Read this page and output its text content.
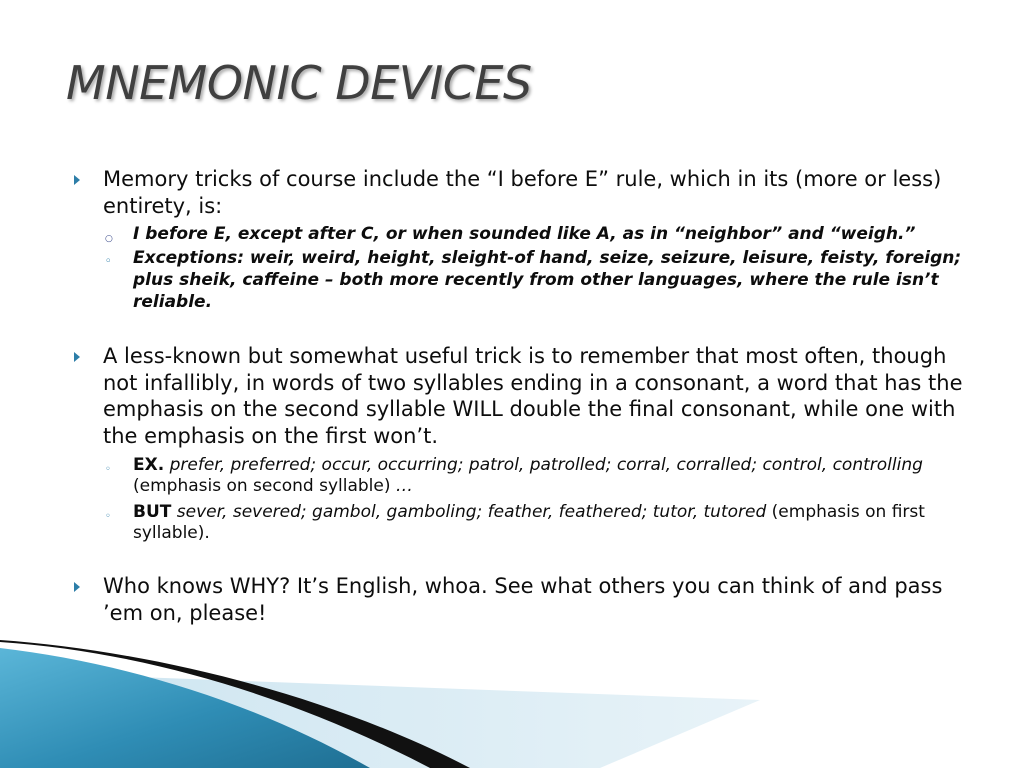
MNEMONIC DEVICES
Memory tricks of course include the “I before E” rule, which in its (more or less) entirety, is:
○ I before E, except after C, or when sounded like A, as in “neighbor” and “weigh.”
◦ Exceptions: weir, weird, height, sleight-of hand, seize, seizure, leisure, feisty, foreign; plus sheik, caffeine – both more recently from other languages, where the rule isn’t reliable.
A less-known but somewhat useful trick is to remember that most often, though not infallibly, in words of two syllables ending in a consonant, a word that has the emphasis on the second syllable WILL double the final consonant, while one with the emphasis on the first won’t.
◦ EX. prefer, preferred; occur, occurring; patrol, patrolled; corral, corralled; control, controlling (emphasis on second syllable) …
◦ BUT sever, severed; gambol, gamboling; feather, feathered; tutor, tutored (emphasis on first syllable).
Who knows WHY? It’s English, whoa. See what others you can think of and pass ’em on, please!
